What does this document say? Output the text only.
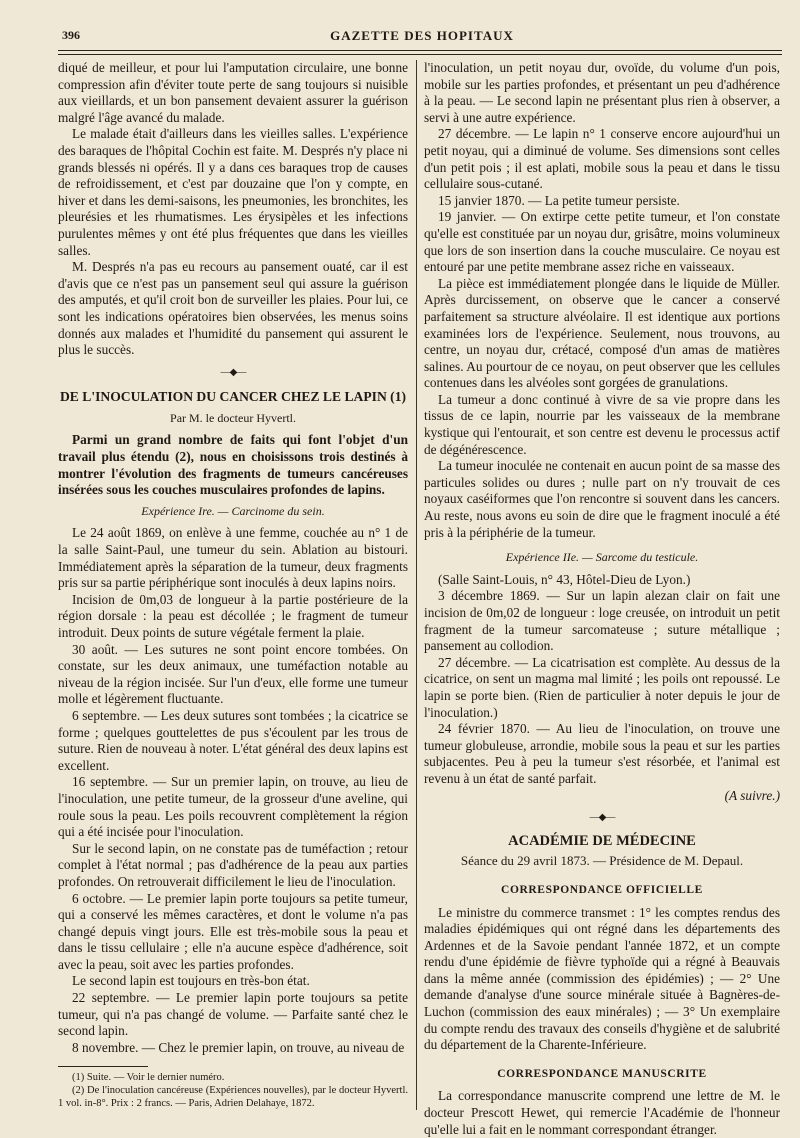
396	GAZETTE DES HOPITAUX

diqué de meilleur, et pour lui l'amputation circulaire, une bonne compression afin d'éviter toute perte de sang toujours si nuisible aux vieillards, et un bon pansement devaient assurer la guérison malgré l'âge avancé du malade.

Le malade était d'ailleurs dans les vieilles salles. L'expérience des baraques de l'hôpital Cochin est faite. M. Després n'y place ni grands blessés ni opérés. Il y a dans ces baraques trop de causes de refroidissement, et c'est par douzaine que l'on y compte, en hiver et dans les demi-saisons, les pneumonies, les bronchites, les pleurésies et les rhumatismes. Les érysipèles et les infections purulentes mêmes y ont été plus fréquentes que dans les vieilles salles.

M. Després n'a pas eu recours au pansement ouaté, car il est d'avis que ce n'est pas un pansement seul qui assure la guérison des amputés, et qu'il croit bon de surveiller les plaies. Pour lui, ce sont les indications opératoires bien observées, les menus soins donnés aux malades et l'humidité du pansement qui assurent le plus le succès.

—◆—
DE L'INOCULATION DU CANCER CHEZ LE LAPIN (1)
Par M. le docteur Hyvertl.

Parmi un grand nombre de faits qui font l'objet d'un travail plus étendu (2), nous en choisissons trois destinés à montrer l'évolution des fragments de tumeurs cancéreuses insérées sous les couches musculaires profondes de lapins.

Expérience Ire. — Carcinome du sein.

Le 24 août 1869, on enlève à une femme, couchée au n° 1 de la salle Saint-Paul, une tumeur du sein. Ablation au bistouri. Immédiatement après la séparation de la tumeur, deux fragments pris sur sa partie périphérique sont inoculés à deux lapins noirs.

Incision de 0m,03 de longueur à la partie postérieure de la région dorsale : la peau est décollée ; le fragment de tumeur introduit. Deux points de suture végétale ferment la plaie.

30 août. — Les sutures ne sont point encore tombées. On constate, sur les deux animaux, une tuméfaction notable au niveau de la région incisée. Sur l'un d'eux, elle forme une tumeur molle et légèrement fluctuante.

6 septembre. — Les deux sutures sont tombées ; la cicatrice se forme ; quelques gouttelettes de pus s'écoulent par les trous de suture. Rien de nouveau à noter. L'état général des deux lapins est excellent.

16 septembre. — Sur un premier lapin, on trouve, au lieu de l'inoculation, une petite tumeur, de la grosseur d'une aveline, qui roule sous la peau. Les poils recouvrent complètement la région qui a été incisée pour l'inoculation.

Sur le second lapin, on ne constate pas de tuméfaction ; retour complet à l'état normal ; pas d'adhérence de la peau aux parties profondes. On retrouverait difficilement le lieu de l'inoculation.

6 octobre. — Le premier lapin porte toujours sa petite tumeur, qui a conservé les mêmes caractères, et dont le volume n'a pas changé depuis vingt jours. Elle est très-mobile sous la peau et dans le tissu cellulaire ; elle n'a aucune espèce d'adhérence, soit avec la peau, soit avec les parties profondes.

Le second lapin est toujours en très-bon état.

22 septembre. — Le premier lapin porte toujours sa petite tumeur, qui n'a pas changé de volume. — Parfaite santé chez le second lapin.

8 novembre. — Chez le premier lapin, on trouve, au niveau de

(1) Suite. — Voir le dernier numéro.

(2) De l'inoculation cancéreuse (Expériences nouvelles), par le docteur Hyvertl. 1 vol. in-8°. Prix : 2 francs. — Paris, Adrien Delahaye, 1872.

l'inoculation, un petit noyau dur, ovoïde, du volume d'un pois, mobile sur les parties profondes, et présentant un peu d'adhérence à la peau. — Le second lapin ne présentant plus rien à observer, a servi à une autre expérience.

27 décembre. — Le lapin n° 1 conserve encore aujourd'hui un petit noyau, qui a diminué de volume. Ses dimensions sont celles d'un petit pois ; il est aplati, mobile sous la peau et dans le tissu cellulaire sous-cutané.

15 janvier 1870. — La petite tumeur persiste.

19 janvier. — On extirpe cette petite tumeur, et l'on constate qu'elle est constituée par un noyau dur, grisâtre, moins volumineux que lors de son insertion dans la couche musculaire. Ce noyau est entouré par une petite membrane assez riche en vaisseaux.

La pièce est immédiatement plongée dans le liquide de Müller. Après durcissement, on observe que le cancer a conservé parfaitement sa structure alvéolaire. Il est identique aux portions examinées lors de l'expérience. Seulement, nous trouvons, au centre, un noyau dur, crétacé, composé d'un amas de matières salines. Au pourtour de ce noyau, on peut observer que les cellules contenues dans les alvéoles sont gorgées de granulations.

La tumeur a donc continué à vivre de sa vie propre dans les tissus de ce lapin, nourrie par les vaisseaux de la membrane kystique qui l'entourait, et son centre est devenu le processus actif de dégénérescence.

La tumeur inoculée ne contenait en aucun point de sa masse des particules solides ou dures ; nulle part on n'y trouvait de ces noyaux caséiformes que l'on rencontre si souvent dans les cancers. Au reste, nous avons eu soin de dire que le fragment inoculé a été pris à la périphérie de la tumeur.

Expérience IIe. — Sarcome du testicule.

(Salle Saint-Louis, n° 43, Hôtel-Dieu de Lyon.)

3 décembre 1869. — Sur un lapin alezan clair on fait une incision de 0m,02 de longueur : loge creusée, on introduit un petit fragment de la tumeur sarcomateuse ; suture métallique ; pansement au collodion.

27 décembre. — La cicatrisation est complète. Au dessus de la cicatrice, on sent un magma mal limité ; les poils ont repoussé. Le lapin se porte bien. (Rien de particulier à noter depuis le jour de l'inoculation.)

24 février 1870. — Au lieu de l'inoculation, on trouve une tumeur globuleuse, arrondie, mobile sous la peau et sur les parties subjacentes. Peu à peu la tumeur s'est résorbée, et l'animal est revenu à un état de santé parfait.

(A suivre.)

—◆—
ACADÉMIE DE MÉDECINE
Séance du 29 avril 1873. — Présidence de M. Depaul.
CORRESPONDANCE OFFICIELLE

Le ministre du commerce transmet : 1° les comptes rendus des maladies épidémiques qui ont régné dans les départements des Ardennes et de la Savoie pendant l'année 1872, et un compte rendu d'une épidémie de fièvre typhoïde qui a régné à Beauvais dans la même année (commission des épidémies) ; — 2° Une demande d'analyse d'une source minérale située à Bagnères-de-Luchon (commission des eaux minérales) ; — 3° Un exemplaire du compte rendu des travaux des conseils d'hygiène et de salubrité du département de la Charente-Inférieure.

CORRESPONDANCE MANUSCRITE

La correspondance manuscrite comprend une lettre de M. le docteur Prescott Hewet, qui remercie l'Académie de l'honneur qu'elle lui a fait en le nommant correspondant étranger.
